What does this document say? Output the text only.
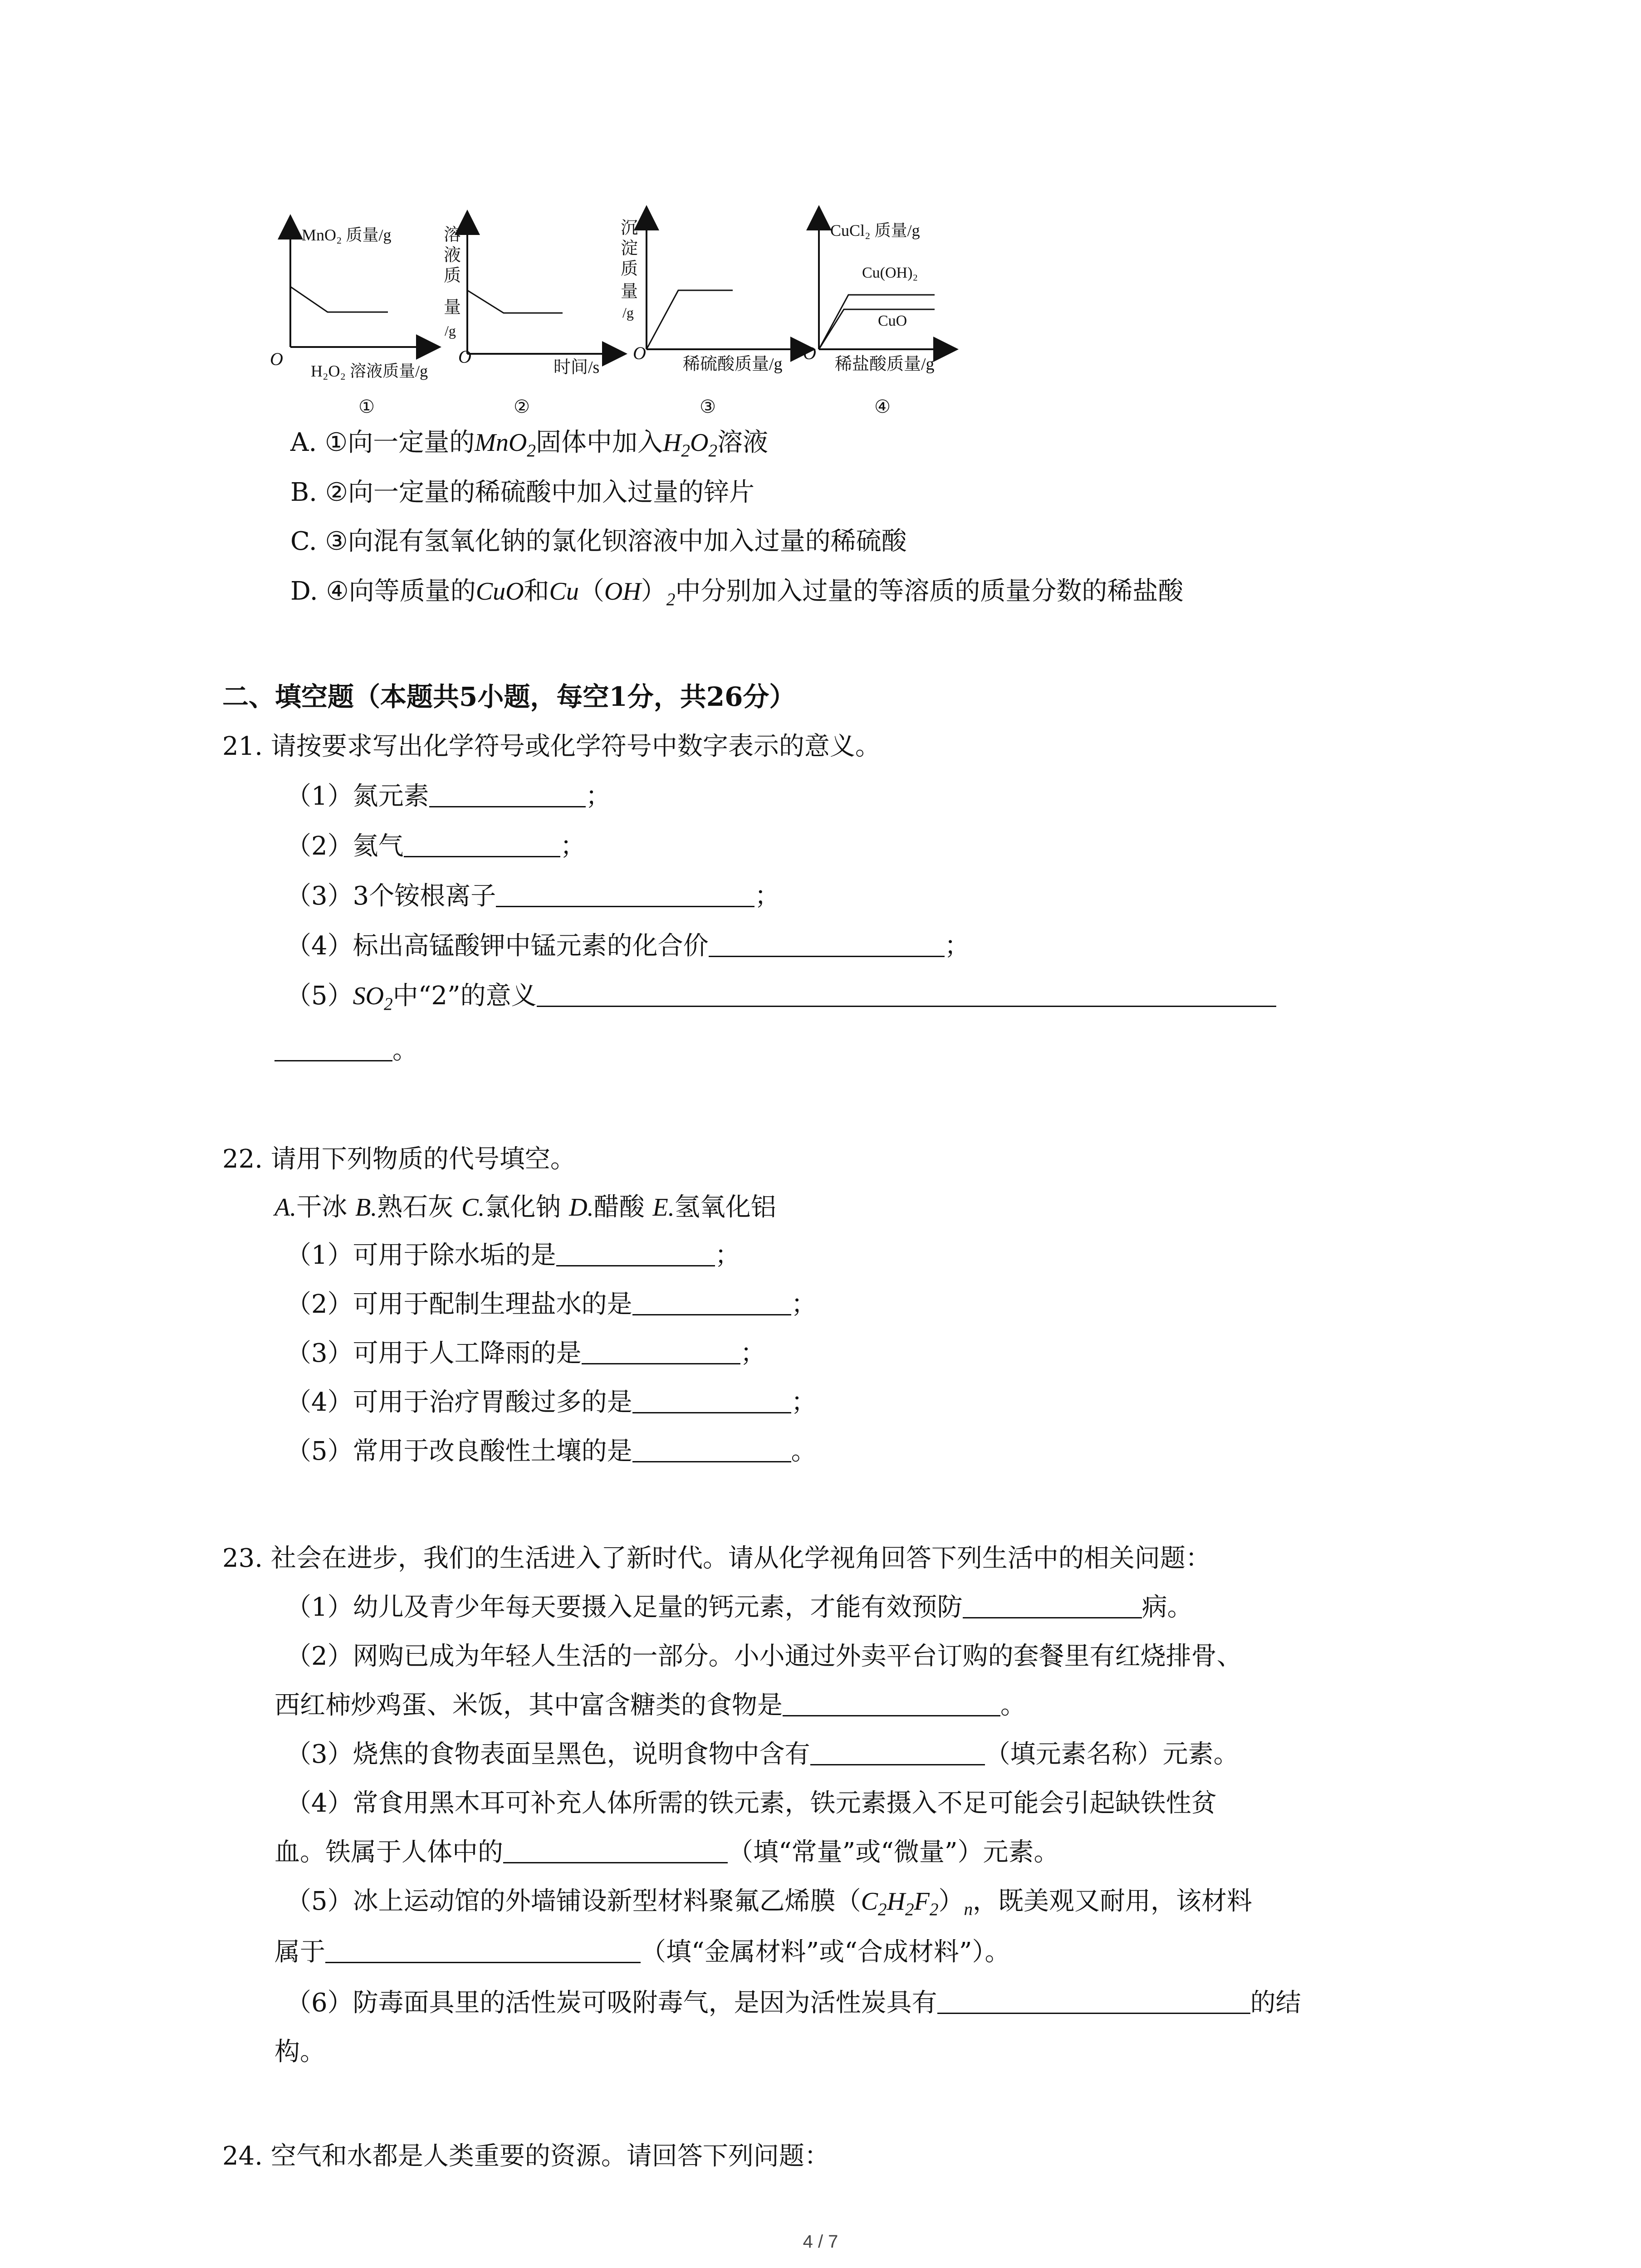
MnO₂ 质量/g
O
H₂O₂ 溶液质量/g
①
溶
液
质
量
/g
O
时间/s
②
沉
淀
质
量
/g
O
稀硫酸质量/g
③
CuCl₂ 质量/g
Cu(OH)₂
CuO
O
稀盐酸质量/g
④
A. ①向一定量的MnO$_2$固体中加入$H_2O_2$溶液
B. ②向一定量的稀硫酸中加入过量的锌片
C. ③向混有氢氧化钠的氯化钡溶液中加入过量的稀硫酸
D. ④向等质量的CuO和$Cu(OH)_2$中分别加入过量的等溶质的质量分数的稀盐酸
二、填空题（本题共5小题，每空1分，共26分）
21. 请按要求写出化学符号或化学符号中数字表示的意义。
（1）氮元素	；
（2）氦气	；
（3）3个铵根离子	；
（4）标出高锰酸钾中锰元素的化合价	；
$(5)SO_2$中“2”的意义
。
22. 请用下列物质的代号填空。
A.干冰 B.熟石灰 C.氯化钠 D.醋酸 E.氢氧化铝
（1）可用于除水垢的是	；
（2）可用于配制生理盐水的是	；
（3）可用于人工降雨的是	；
（4）可用于治疗胃酸过多的是	；
（5）常用于改良酸性土壤的是	。
23. 社会在进步，我们的生活进入了新时代。请从化学视角回答下列生活中的相关问题：
（1）幼儿及青少年每天要摄入足量的钙元素，才能有效预防	病。
（2）网购已成为年轻人生活的一部分。小小通过外卖平台订购的套餐里有红烧排骨、
西红柿炒鸡蛋、米饭，其中富含糖类的食物是	。
（3）烧焦的食物表面呈黑色，说明食物中含有	（填元素名称）元素。
（4）常食用黑木耳可补充人体所需的铁元素，铁元素摄入不足可能会引起缺铁性贫
血。铁属于人体中的	（填“常量”或“微量”）元素。
（5）冰上运动馆的外墙铺设新型材料聚氟乙烯膜$(C_2H_2F_2)_n$，既美观又耐用，该材料
属于	（填“金属材料”或“合成材料”）。
（6）防毒面具里的活性炭可吸附毒气，是因为活性炭具有	的结
构。
24. 空气和水都是人类重要的资源。请回答下列问题：
4 / 7
